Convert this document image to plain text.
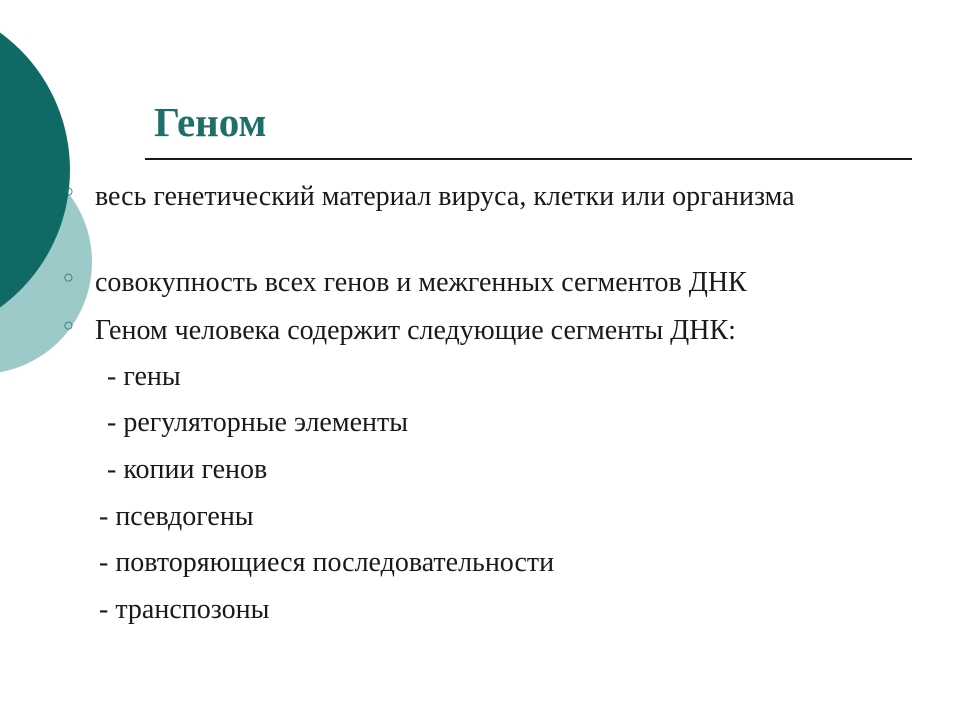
Геном
○ весь генетический материал вируса, клетки или организма
○ совокупность всех генов и межгенных сегментов ДНК
○ Геном человека содержит следующие сегменты ДНК:
- гены
- регуляторные элементы
- копии генов
- псевдогены
- повторяющиеся последовательности
- транспозоны
